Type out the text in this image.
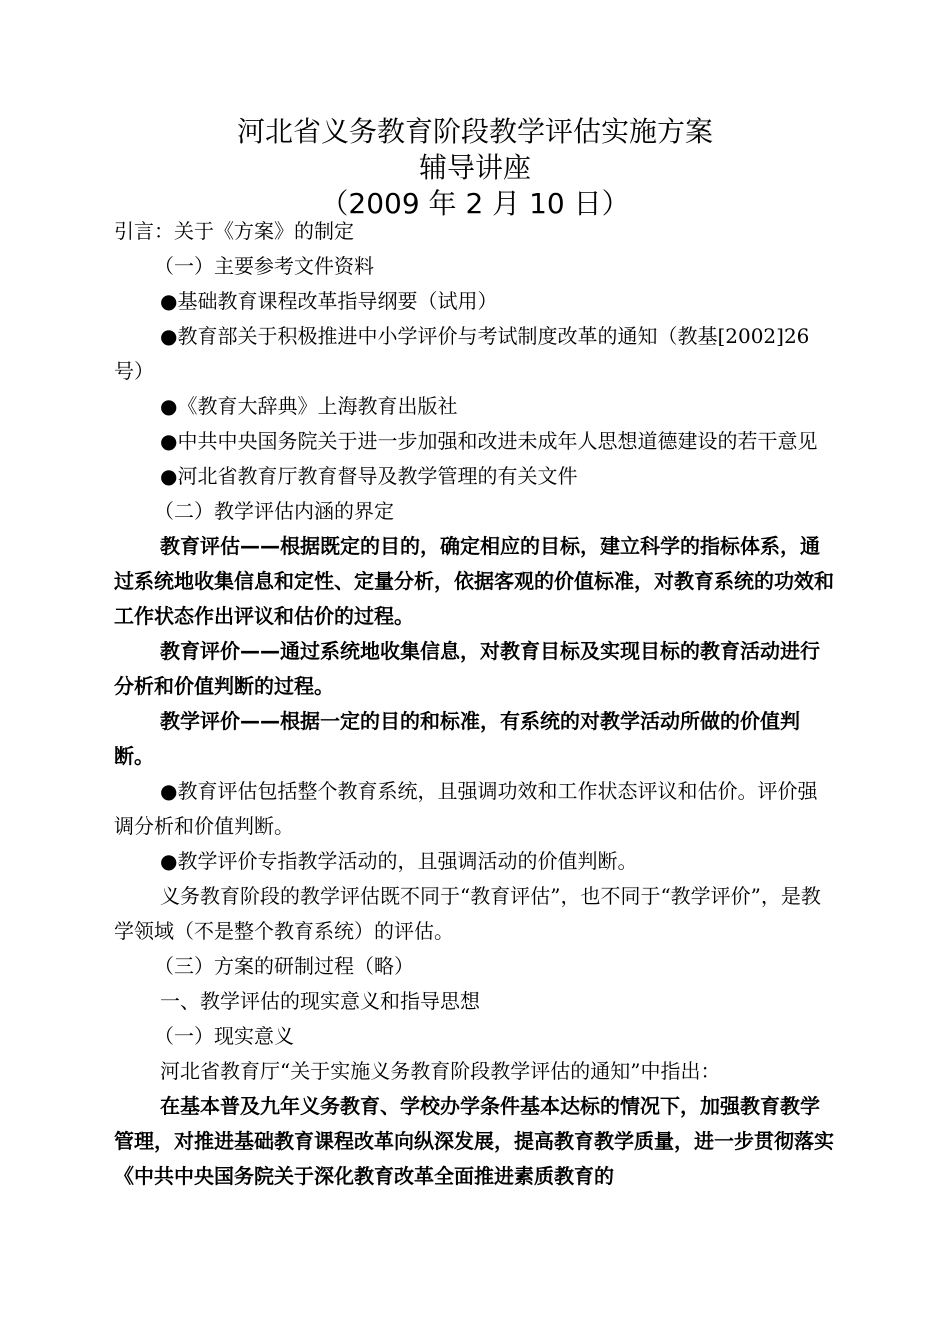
河北省义务教育阶段教学评估实施方案
辅导讲座
（2009 年 2 月 10 日）

引言：关于《方案》的制定

（一）主要参考文件资料

●基础教育课程改革指导纲要（试用）

●教育部关于积极推进中小学评价与考试制度改革的通知（教基[2002]26 号）

●《教育大辞典》上海教育出版社

●中共中央国务院关于进一步加强和改进未成年人思想道德建设的若干意见

●河北省教育厅教育督导及教学管理的有关文件

（二）教学评估内涵的界定

教育评估——根据既定的目的，确定相应的目标，建立科学的指标体系，通过系统地收集信息和定性、定量分析，依据客观的价值标准，对教育系统的功效和工作状态作出评议和估价的过程。

教育评价——通过系统地收集信息，对教育目标及实现目标的教育活动进行分析和价值判断的过程。

教学评价——根据一定的目的和标准，有系统的对教学活动所做的价值判断。

●教育评估包括整个教育系统，且强调功效和工作状态评议和估价。评价强调分析和价值判断。

●教学评价专指教学活动的，且强调活动的价值判断。

义务教育阶段的教学评估既不同于“教育评估”，也不同于“教学评价”，是教学领域（不是整个教育系统）的评估。

（三）方案的研制过程（略）

一、教学评估的现实意义和指导思想

（一）现实意义

河北省教育厅“关于实施义务教育阶段教学评估的通知”中指出：

在基本普及九年义务教育、学校办学条件基本达标的情况下，加强教育教学管理，对推进基础教育课程改革向纵深发展，提高教育教学质量，进一步贯彻落实《中共中央国务院关于深化教育改革全面推进素质教育的
